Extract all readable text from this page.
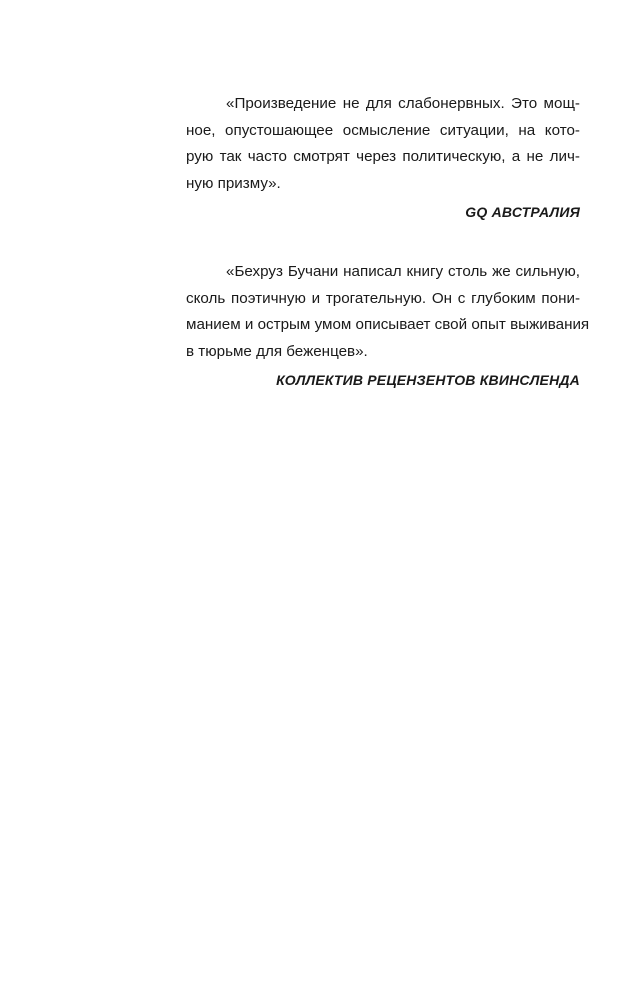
«Произведение не для слабонервных. Это мощ-
ное, опустошающее осмысление ситуации, на кото-
рую так часто смотрят через политическую, а не лич-
ную призму».
GQ АВСТРАЛИЯ
«Бехруз Бучани написал книгу столь же сильную,
сколь поэтичную и трогательную. Он с глубоким пони-
манием и острым умом описывает свой опыт выживания
в тюрьме для беженцев».
КОЛЛЕКТИВ РЕЦЕНЗЕНТОВ КВИНСЛЕНДА
